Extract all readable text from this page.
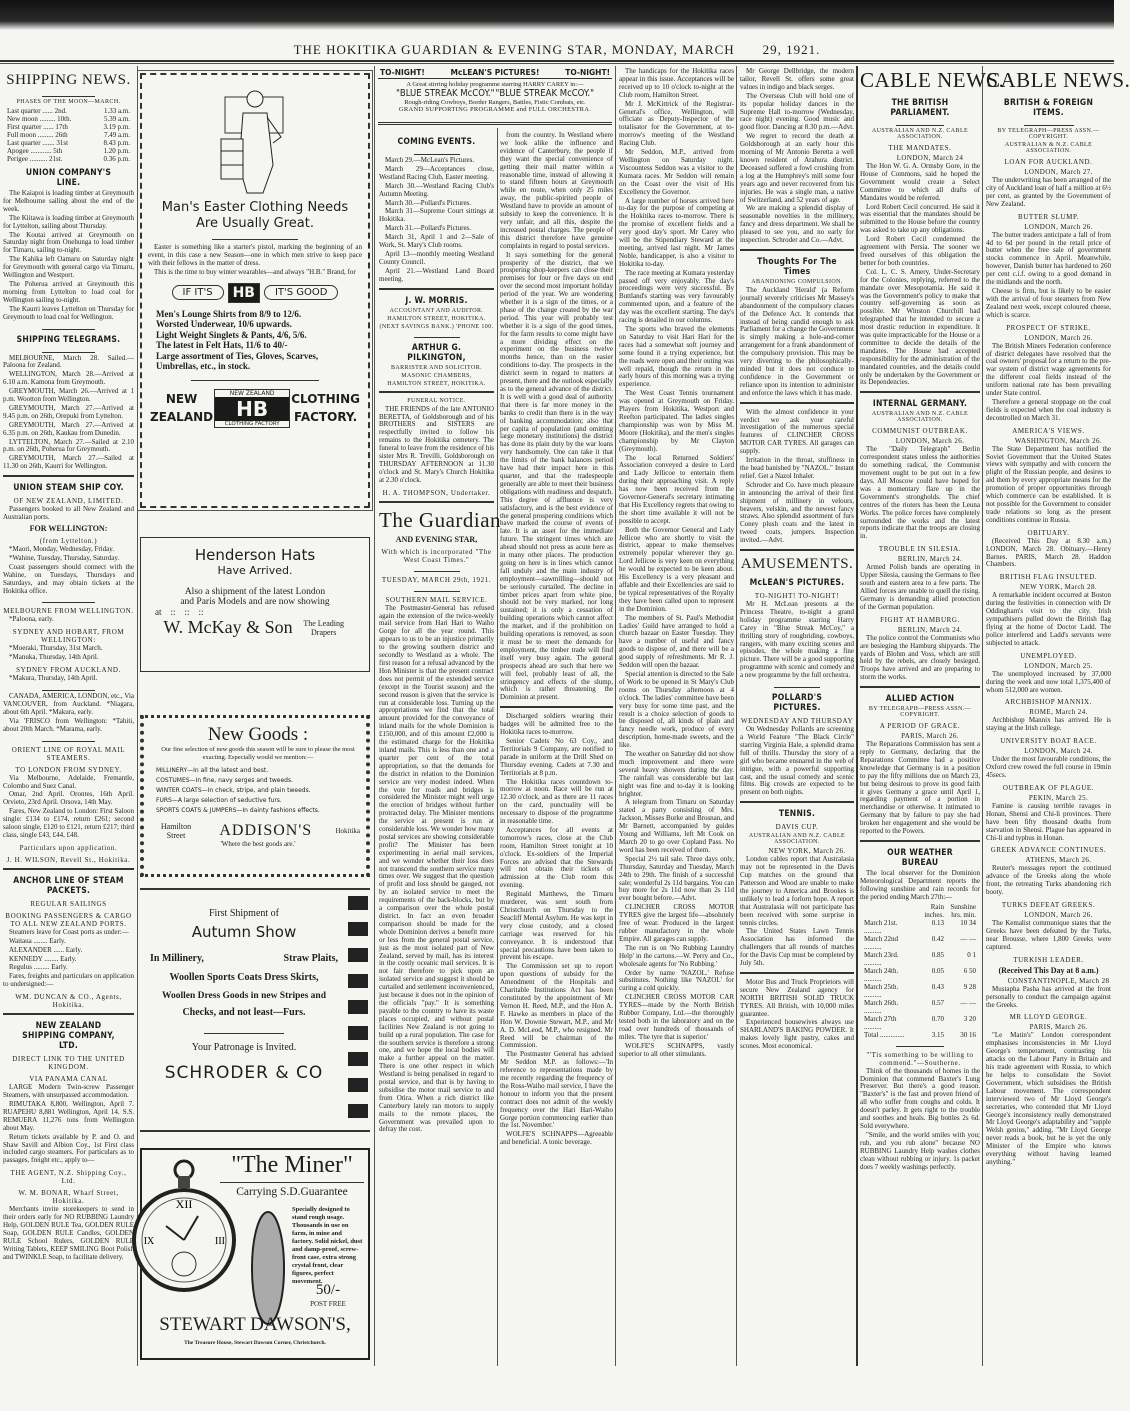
THE HOKITIKA GUARDIAN & EVENING STAR, MONDAY, MARCH 29, 1921.
SHIPPING NEWS.
PHASES OF THE MOON—MARCH.
Last quarter ...... 2nd.	1.33 a.m.
New moon ......... 10th.	5.39 a.m.
First quarter ...... 17th	3.19 p.m.
Full moon ......... 26th	7.49 a.m.
Last quarter ....... 31st	8.43 p.m.
Apogee ............ 5th	1.20 p.m.
Perigee .......... 21st.	0.36 p.m.
UNION COMPANY'S LINE.
The Kaiapoi is loading timber at Greymouth for Melbourne sailing about the end of the week.
The Kiitawa is loading timber at Greymouth for Lyttelton, sailing about Thursday.
The Koutai arrived at Greymouth on Saturday night from Onehunga to load timber for Timaru, sailing to-night.
The Kahika left Oamaru on Saturday night for Greymouth with general cargo via Timaru, Wellington and Westport.
The Poherua arrived at Greymouth this morning from Lyttelton to load coal for Wellington sailing to-night.
The Kaurri leaves Lyttelton on Thursday for Greymouth to load coal for Wellington.
SHIPPING TELEGRAMS.
MELBOURNE, March 28. Sailed.—Paloona for Zealand.
WELLINGTON, March 28.—Arrived at 6.10 a.m. Kamona from Greymouth.
GREYMOUTH, March 26.—Arrived at 1 p.m. Wootton from Wellington.
GREYMOUTH, March 27.—Arrived at 9.45 p.m. on 26th, Orepuki from Lyttelton.
GREYMOUTH, March 27.—Arrived at 6.35 p.m. on 26th, Kaukau from Dunedin.
LYTTELTON, March 27.—Sailed at 2.10 p.m. on 26th, Poherua for Greymouth.
GREYMOUTH, March 27.—Sailed at 11.30 on 26th, Kaurri for Wellington.
UNION STEAM SHIP COY.
OF NEW ZEALAND, LIMITED.
Passengers booked to all New Zealand and Australian ports.
FOR WELLINGTON:
(from Lyttelton.)
*Maori, Monday, Wednesday, Friday.
*Wahine, Tuesday, Thursday, Saturday.
Coast passengers should connect with the Wahine, on Tuesdays, Thursdays and Saturdays, and may obtain tickets at the Hokitika office.
MELBOURNE FROM WELLINGTON.
*Paloona, early.
SYDNEY AND HOBART, FROM WELLINGTON:
*Moeraki, Thursday, 31st March.
*Manuka, Thursday, 14th April.
SYDNEY FROM AUCKLAND.
*Makura, Thursday, 14th April.
CANADA, AMERICA, LONDON, etc., Via VANCOUVER, from Auckland. *Niagara, about 6th April. *Makura, early.
Via 'FRISCO from Wellington: *Tahiti, about 20th March. *Marama, early.
ORIENT LINE OF ROYAL MAIL STEAMERS.
TO LONDON FROM SYDNEY.
Via Melbourne, Adelaide, Fremantle, Colombo and Suez Canal.
Omar, 2nd April. Orontes, 16th April. Orvieto, 23rd April. Orsova, 14th May.
Fares, New Zealand to London: First Saloon single: £134 to £174, return £261; second saloon single, £120 to £121, return £217; third class, single £43, £44, £48.
Particulars upon application.
J. H. WILSON, Revell St., Hokitika.
ANCHOR LINE OF STEAM PACKETS.
REGULAR SAILINGS
BOOKING PASSENGERS & CARGO TO ALL NEW ZEALAND PORTS.
Steamers leave for Coast ports as under:—
Waitaua ........ Early.
ALEXANDER ...... Early.
KENNEDY ........ Early.
Regulus ......... Early.
Fares, freights and particulars on application to undersigned:—
WM. DUNCAN & CO., Agents, Hokitika.
NEW ZEALAND SHIPPING COMPANY, LTD.
DIRECT LINK TO THE UNITED KINGDOM.
VIA PANAMA CANAL
LARGE Modern Twin-screw Passenger Steamers, with unsurpassed accommodation.
RIMUTAKA 8,800, Wellington, April 7. RUAPEHU 8,881 Wellington, April 14. S.S. REMUERA 11,276 tons from Wellington about May.
Return tickets available by P. and O. and Shaw Savill and Albion Coy., 1st First class included cargo steamers. For particulars as to passages, freight etc., apply to—
THE AGENT, N.Z. Shipping Coy., Ltd.
W. M. BONAR, Wharf Street, Hokitika.
Merchants invite storekeepers to send in their orders early for NO RUBBING Laundry Help, GOLDEN RULE Tea, GOLDEN RULE Soap, GOLDEN RULE Candles, GOLDEN RULE School Rulers, GOLDEN RULE Writing Tablets, KEEP SMILING Boot Polish and TWINKLE Soap, to facilitate delivery.
TO-NIGHT!	McLEAN'S PICTURES!	TO-NIGHT!
A Great stirring holiday programme starring HARRY CAREY in:—
"BLUE STREAK McCOY." "BLUE STREAK McCOY."
Rough-riding Cowboys, Border Rangers, Battles, Fistic Combats, etc.
GRAND SUPPORTING PROGRAMME and FULL ORCHESTRA.
COMING EVENTS.
March 29.—McLean's Pictures.
March 29—Acceptances close, Westland Racing Club, Easter meeting.
March 30.—Westland Racing Club's Autumn Meeting.
March 30.—Pollard's Pictures.
March 31—Supreme Court sittings at Hokitika.
March 31.—Pollard's Pictures.
March 31, April 1 and 2—Sale of Work, St. Mary's Club rooms.
April 13—monthly meeting Westland County Council.
April 21.—Westland Land Board meeting.
J. W. MORRIS.
ACCOUNTANT AND AUDITOR.
HAMILTON STREET, HOKITIKA.
(NEXT SAVINGS BANK.) 'PHONE 100.
ARTHUR G. PILKINGTON,
BARRISTER AND SOLICITOR.
MASONIC CHAMBERS,
HAMILTON STREET, HOKITIKA.
FUNERAL NOTICE.
THE FRIENDS of the late ANTONIO BERETTA, of Goldsborough and of his BROTHERS and SISTERS are respectfully invited to follow his remains to the Hokitika cemetery. The funeral to leave from the residence of his sister Mrs R. Trevilli, Goldsborough on THURSDAY AFTERNOON at 11.30 o'clock and St. Mary's Church Hokitika at 2.30 o'clock.
H. A. THOMPSON, Undertaker.
The Guardian
AND EVENING STAR,
With which is incorporated "The West Coast Times."
TUESDAY, MARCH 29th, 1921.
SOUTHERN MAIL SERVICE.
The Postmaster-General has refused again the extension of the twice-weekly mail service from Hari Hari to Waiho Gorge for all the year round. This appears to us to be an injustice primarily to the growing southern district and secondly to Westland as a whole. The first reason for a refusal advanced by the Hon Minister is that the present contract does not permit of the extended service (except in the Tourist season) and the second reason is given that the service is run at considerable loss. Turning up the appropriations we find that the total amount provided for the conveyance of inland mails for the whole Dominion is £150,000, and of this amount £2,000 is the estimated charge for the Hokitika inland mails. This is less than one and a quarter per cent of the total appropriation, so that the demands for the district in relation to the Dominion service are very modest indeed. When the vote for roads and bridges is considered the Minister might well urge the erection of bridges without further protracted delay. The Minister mentions the service at present is run at considerable loss. We wonder how many postal services are showing considerable profit? The Minister has been experimenting in aerial mail services, and we wonder whether their loss does not transcend the southern service many times over. We suggest that the question of profit and loss should be gauged, not by an isolated service to meet the requirements of the back-blocks, but by a comparison over the whole postal district. In fact an even broader comparison should be made for the whole Dominion derives a benefit more or less from the general postal service, just as the most isolated part of New Zealand, served by mail, has its interest in the costly oceanic mail services. It is not fair therefore to pick upon an isolated service and suggest it should be curtailed and settlement inconvenienced, just because it does not in the opinion of the officials "pay." It is something payable to the country to have its waste places occupied, and without postal facilities New Zealand is not going to build up a rural population. The case for the southern service is therefore a strong one, and we hope the local bodies will make a further appeal on the matter. There is one other respect in which Westland is being penalised in regard to postal service, and that is by having to subsidise the motor mail service to and from Otira. When a rich district like Canterbury lately ran motors to supply mails to the remote places, the Government was prevailed upon to defray the cost.
from the country. In Westland where we look alike the influence and evidence of Canterbury, the people if they want the special convenience of getting their mail matter within a reasonable time, instead of allowing it to stand fifteen hours at Greymouth while en route, when only 25 miles away, the public-spirited people of Westland have to provide an amount of subsidy to keep the convenience. It is very unfair, and all this, despite the increased postal charges. The people of this district therefore have genuine complaints in regard to postal services.
It says something for the general prosperity of the district, that we prospering shop-keepers can close their premises for four or five days on end over the second most important holiday period of the year. We are wondering whether it is a sign of the times, or a phase of the change created by the war period. This year will probably test whether it is a sign of the good times, for the farm results to come might have a more dividing effect on the experiment on the business twelve months hence, than on the easier conditions to-day. The prospects in the district seem in regard to matters at present, there and the outlook especially as to the general advance of the district. It is well with a good deal of authority that there is far more money in the banks to credit than there is in the way of banking accommodation; also that per capita of population (and omitting large monetary institutions) the district has done its plain duty by the war loans very handsomely. One can take it that the limits of the bank balances period have had their impact here in this quarter, and that the tradespeople generally are able to meet their business obligations with readiness and despatch. This degree of affluence is very satisfactory, and is the best evidence of the general prospering conditions which have marked the course of events of late. It is an asset for the immediate future. The stringent times which are ahead should not press as acute here as in many other places. The production going on here is in lines which cannot fall unduly and the main industry of employment—sawmilling—should not be seriously curtailed. The decline in timber prices apart from white pine, should not be very marked, nor long sustained; it is only a cessation of building operations which cannot affect the market, and if the prohibition on building operations is removed, as soon it must be to meet the demands for employment, the timber trade will find itself very busy again. The general prospects ahead are such that here we will feel, probably least of all, the stringency and effects of the slump, which is rather threatening the Dominion at present.
Discharged soldiers wearing their badges will be admitted free to the Hokitika races to-morrow.
Senior Cadets No 63 Coy., and Territorials 9 Company, are notified to parade in uniform at the Drill Shed on Thursday evening. Cadets at 7.30 and Territorials at 8 p.m.
The Hokitika races countdown to-morrow at noon. Race will be run at 12.30 o'clock, and as there are 11 races on the card, punctuality will be necessary to dispose of the programme in reasonable time.
Acceptances for all events at tomorrow's races, close at the Club room, Hamilton Street tonight at 10 o'clock. Ex-soldiers of the Imperial Forces are advised that the Stewards will not obtain their tickets of admission at the Club room this evening.
Reginald Matthews, the Timaru murderer, was sent south from Christchurch on Thursday to the Seacliff Mental Asylum. He was kept in very close custody, and a closed carriage was reserved for his conveyance. It is understood that special precautions have been taken to prevent his escape.
The Commission set up to report upon questions of subsidy for the Amendment of the Hospitals and Charitable Institutions Act has been constituted by the appointment of Mr Vernon H. Reed, M.P., and the Hon A. F. Hawke as members in place of the Hon W. Downie Stewart, M.P., and Mr A. D. McLeod, M.P., who resigned. Mr Reed will be chairman of the Commission.
The Postmaster General has advised Mr Seddon M.P. as follows:—'In reference to representations made by me recently regarding the frequency of the Ross-Waiho mail service, I have the honour to inform you that the present contract does not admit of the weekly frequency over the Hari Hari-Waiho Gorge portion commencing earlier than the 1st. November.'
WOLFE'S SCHNAPPS—Agreeable and beneficial. A tonic beverage.
The handicaps for the Hokitika races appear in this issue. Acceptances will be received up to 10 o'clock to-night at the Club room, Hamilton Street.
Mr J. McKittrick of the Registrar-General's office, Wellington, will officiate as Deputy-Inspector of the totalisator for the Government, at to-morrow's meeting of the Westland Racing Club.
Mr Seddon, M.P., arrived from Wellington on Saturday night. Viscountess Seddon was a visitor to the Kumara races. Mr Seddon will remain on the Coast over the visit of His Excellency the Governor.
A large number of horses arrived here to-day for the purpose of competing at the Hokitika races to-morrow. There is the promise of excellent fields and a very good day's sport. Mr Carey who will be the Stipendiary Steward at the meeting, arrived last night. Mr James Noble, handicapper, is also a visitor to Hokitika to-day.
The race meeting at Kumara yesterday passed off very enjoyably. The day's proceedings were very successful. By Buttland's starting was very favourably commented upon, and a feature of the day was the excellent starting. The day's racing is detailed in our columns.
The sports who braved the elements on Saturday to visit Hari Hari for the races had a somewhat soft journey and some found it a trying experience, but the roads were open and their outing was well repaid, though the return in the early hours of this morning was a trying experience.
The West Coast Tennis tournament was opened at Greymouth on Friday. Players from Hokitika, Westport and Reefton participated. The ladies singles championship was won by Miss M. Moore (Hokitika), and the men's singles championship by Mr Clayton (Greymouth).
The local Returned Soldiers' Association conveyed a desire to Lord and Lady Jellicoe to entertain them during their approaching visit. A reply has now been received from the Governor-General's secretary intimating that His Excellency regrets that owing to the short time available it will not be possible to accept.
Both the Governor General and Lady Jellicoe who are shortly to visit the district, appear to make themselves extremely popular wherever they go. Lord Jellicoe is very keen on everything he would be expected to be keen about. His Excellency is a very pleasant and affable and their Excellencies are said to be typical representatives of the Royalty they have been called upon to represent in the Dominion.
The members of St. Paul's Methodist Ladies' Guild have arranged to hold a church bazaar on Easter Tuesday. They have a number of useful and fancy goods to dispose of, and there will be a good supply of refreshments. Mr R. J. Seddon will open the bazaar.
Special attention is directed to the Sale of Work to be opened in St Mary's Club rooms on Thursday afternoon at 4 o'clock. The ladies' committee have been very busy for some time past, and the result is a choice selection of goods to be disposed of, all kinds of plain and fancy needle work, produce of every description, home-made sweets, and the like.
The weather on Saturday did not show much improvement and there were several heavy showers during the day. The rainfall was considerable but last night was fine and to-day it is looking brighter.
A telegram from Timaru on Saturday stated a party consisting of Mrs. Jackson, Misses Burke and Brosnan, and Mr Barnett, accompanied by guides Young and Williams, left Mt Cook on March 20 to go over Copland Pass. No word has been received of them.
Special 2½ tail sale. Three days only, Thursday, Saturday and Tuesday, March 24th to 29th. The finish of a successful sale; wonderful 2s 11d bargains. You can buy more for 2s 11d now than 2s 11d ever bought before.—Advt.
CLINCHER CROSS MOTOR TYRES give the largest life—absolutely free of wear. Produced in the largest rubber manufactory in the whole Empire. All garages can supply.
The run is on 'No Rubbing Laundry Help' in the cartons.—W. Perry and Co., wholesale agents for 'No Rubbing.'
Order by name 'NAZOL.' Refuse substitutes. Nothing like 'NAZOL' for curing a cold quickly.
CLINCHER CROSS MOTOR CAR TYRES—made by the North British Rubber Company, Ltd.—the thoroughly tested both in the laboratory and on the road over hundreds of thousands of miles. 'The tyre that is superior.'
WOLFE'S SCHNAPPS, vastly superior to all other stimulants.
Mr George Dellbridge, the modern tailor, Revell St. offers some great values in indigo and black serges.
The Overseas Club will hold one of its popular holiday dances in the Supreme Hall to-morrow (Wednesday, race night) evening. Good music and good floor. Dancing at 8.30 p.m.—Advt.
We regret to record the death at Goldsborough at an early hour this morning of Mr Antonio Beretta a well known resident of Arahura district. Deceased suffered a fowl crushing from a log at the Humphrey's mill some four years ago and never recovered from his injuries. He was a single man, a native of Switzerland, and 52 years of age.
We are making a splendid display of seasonable novelties in the millinery, fancy and dress department. We shall be pleased to see you, and no early for inspection. Schroder and Co.—Advt.
Thoughts For The Times
ABANDONING COMPULSION.
The Auckland 'Herald' (a Reform journal) severely criticises Mr Massey's abandonment of the compulsory clauses of the Defence Act. It contends that instead of being candid enough to ask Parliament for a change the Government is simply making a hole-and-corner arrangement for a frank abandonment of the compulsory provision. This may be very diverting to the philosophically-minded but it does not conduce to confidence in the Government or reliance upon its intention to administer and enforce the laws which it has made.
With the almost confidence in your verdict we ask your careful investigation of the numerous special features of CLINCHER CROSS MOTOR CAR TYRES. All garages can supply.
Irritation in the throat, stuffiness in the head banished by "NAZOL." Instant relief. Get a Nazol Inhaler.
Schroder and Co. have much pleasure in announcing the arrival of their first shipment of millinery in velours, beavers, velskin, and the newest fancy straws. Also splendid assortment of furs Coney plush coats and the latest in tweed coats, jumpers. Inspection invited.—Advt.
AMUSEMENTS.
McLEAN'S PICTURES.
TO-NIGHT! TO-NIGHT!
Mr H. McLean presents at the Princess Theatre, to-night a grand holiday programme starring Harry Carey in "Blue Streak McCoy," a thrilling story of roughriding, cowboys, rangers, with many exciting scenes and episodes, the whole making a fine picture. There will be a good supporting programme with scenic and comedy and a new programme by the full orchestra.
POLLARD'S PICTURES.
WEDNESDAY AND THURSDAY
On Wednesday Pollards are screening a World Feature "The Black Circle" starring Virginia Hale, a splendid drama full of thrills. Thursday the story of a girl who became ensnared in the web of intrigue, with a powerful supporting cast, and the usual comedy and scenic films. Big crowds are expected to be present on both nights.
TENNIS.
DAVIS CUP.
AUSTRALIAN AND N.Z. CABLE ASSOCIATION.
NEW YORK, March 26.
London cables report that Australasia may not be represented in the Davis Cup matches on the ground that Patterson and Wood are unable to make the journey to America and Brookes is unlikely to lead a forlorn hope. A report that Australasia will not participate has been received with some surprise in tennis circles.
The United States Lawn Tennis Association has informed the challengers that all rounds of matches for the Davis Cup must be completed by July 5th.
Motor Bus and Truck Proprietors will secure New Zealand agency for NORTH BRITISH SOLID TRUCK TYRES. All British, with 10,000 miles guarantee.
Experienced housewives always use SHARLAND'S BAKING POWDER. It makes lovely light pastry, cakes and scones. Most economical.
CABLE NEWS.
THE BRITISH PARLIAMENT.
AUSTRALIAN AND N.Z. CABLE ASSOCIATION.
THE MANDATES.
LONDON, March 24
The Hon W. G. A. Ormsby Gore, in the House of Commons, said he hoped the Government would create a Select Committee to which all drafts of Mandates would be referred.
Lord Robert Cecil concurred. He said it was essential that the mandates should be submitted to the House before the country was asked to take up any obligations.
Lord Robert Cecil condemned the agreement with Persia. The sooner we freed ourselves of this obligation the better for both countries.
Col. L. C. S. Amery, Under-Secretary for the Colonies, replying, referred to the mandate over Mesopotamia. He said it was the Government's policy to make that country self-governing as soon as possible. Mr Winston Churchill had telegraphed that he intended to secure a most drastic reduction in expenditure. It was quite impracticable for the House or a committee to decide the details of the mandates. The House had accepted responsibility for the administration of the mandated countries, and the details could only be undertaken by the Government or its Dependencies.
INTERNAL GERMANY.
AUSTRALIAN AND N.Z. CABLE ASSOCIATION.
COMMUNIST OUTBREAK.
LONDON, March 26.
The "Daily Telegraph" Berlin correspondent states unless the authorities do something radical, the Communist movement ought to be put out in a few days. All Moscow could have hoped for was a momentary flare up in the Government's strongholds. The chief centres of the rioters has been the Leuna Works. The police forces have completely surrounded the works and the latest reports indicate that the troops are closing in.
TROUBLE IN SILESIA.
BERLIN, March 24.
Armed Polish bands are operating in Upper Silesia, causing the Germans to flee south and eastern area to a few parts. The Allied forces are unable to quell the rising. Germany is demanding allied protection of the German population.
FIGHT AT HAMBURG.
BERLIN, March 24.
The police control the Communists who are besieging the Hamburg shipyards. The yards of Blohm and Voss, which are still held by the rebels, are closely besieged. Troops have arrived and are preparing to storm the works.
ALLIED ACTION
BY TELEGRAPH—PRESS ASSN.—COPYRIGHT.
A PERIOD OF GRACE.
PARIS, March 26.
The Reparations Commission has sent a reply to Germany, declaring that the Reparations Committee had a positive knowledge that Germany is in a position to pay the fifty millions due on March 23, but being desirous to prove its good faith it gives Germany a grace until April 1, regarding payment of a portion in merchandise or otherwise. It intimated to Germany that by failure to pay she had broken her engagement and she would be reported to the Powers.
OUR WEATHER BUREAU
The local observer for the Dominion Meteorological Department reports the following sunshine and rain records for the period ending March 27th:—
Rain inches.
Sunshine hrs. min.
March 21st. ..........
0.13	10 34
March 22nd ..........
0.42	— —
March 23rd. ..........
0.85	0 1
March 24th. ..........
0.05	6 50
March 25th. ..........
0.43	9 28
March 26th. ..........
0.57	— —
March 27th ..........
0.70	3 20
Total ..............	3.15	30 16
"'Tis something to be willing to commend."—Southerne.
Think of the thousands of homes in the Dominion that commend Baxter's Lung Preserver. But there's a good reason. "Baxter's" is the fast and proven friend of all who suffer from coughs and colds. It doesn't parley. It gets right to the trouble and soothes and heals. Big bottles 2s 6d. Sold everywhere.
"Smile, and the world smiles with you; rub, and you rub alone" because NO RUBBING Laundry Help washes clothes clean without rubbing or injury. 1s packet does 7 weekly washings perfectly.
CABLE NEWS.
BRITISH & FOREIGN ITEMS.
BY TELEGRAPH—PRESS ASSN.—COPYRIGHT.
AUSTRALIAN & N.Z. CABLE ASSOCIATION.
LOAN FOR AUCKLAND.
LONDON, March 27.
The underwriting has been arranged of the city of Auckland loan of half a million at 6½ per cent, as granted by the Government of New Zealand.
BUTTER SLUMP.
LONDON, March 26.
The butter traders anticipate a fall of from 4d to 6d per pound in the retail price of butter when the free sale of government stocks commence in April. Meanwhile, however, Danish butter has hardened to 260 per cent c.i.f. owing to a good demand in the midlands and the north.
Cheese is firm, but is likely to be easier with the arrival of four steamers from New Zealand next week, except coloured cheese, which is scarce.
PROSPECT OF STRIKE.
LONDON, March 26.
The British Miners Federation conference of district delegates have resolved that the coal owners' proposal for a return to the pre-war system of district wage agreements for the different coal fields instead of the uniform national rate has been prevailing under State control.
Therefore a general stoppage on the coal fields is expected when the coal industry is decontrolled on March 31.
AMERICA'S VIEWS.
WASHINGTON, March 26.
The State Department has notified the Soviet Government that the United States views with sympathy and with concern the plight of the Russian people, and desires to aid them by every appropriate means for the promotion of proper opportunities through which commerce can be established. It is not possible for the Government to consider trade relations so long as the present conditions continue in Russia.
OBITUARY.
(Received This Day at 8.30 a.m.) LONDON, March 28. Obituary.—Henry Barnes. PARIS, March 28. Haddon Chambers.
BRITISH FLAG INSULTED.
NEW YORK, March 28.
A remarkable incident occurred at Boston during the festivities in connection with Dr Oddingham's visit to the city. Irish sympathisers pulled down the British flag flying at the home of Doctor Ladd. The police interfered and Ladd's servants were subjected to attack.
UNEMPLOYED.
LONDON, March 25.
The unemployed increased by 37,000 during the week and now total 1,375,400 of whom 512,000 are women.
ARCHBISHOP MANNIX.
ROME, March 24.
Archbishop Mannix has arrived. He is staying at the Irish college.
UNIVERSITY BOAT RACE.
LONDON, March 24.
Under the most favourable conditions, the Oxford crew rowed the full course in 19min 45secs.
OUTBREAK OF PLAGUE.
PEKIN, March 25.
Famine is causing terrible ravages in Honan, Shensi and Chi-li provinces. There have been fifty thousand deaths from starvation in Shensi. Plague has appeared in Chi-li and typhus in Honan.
GREEK ADVANCE CONTINUES.
ATHENS, March 26.
Reuter's messages report the continued advance of the Greeks along the whole front, the retreating Turks abandoning rich booty.
TURKS DEFEAT GREEKS.
LONDON, March 26.
The Kemalist communique states that the Greeks have been defeated by the Turks, near Brousse, where 1,800 Greeks were captured.
TURKISH LEADER.
(Received This Day at 8 a.m.)
CONSTANTINOPLE, March 28
Mustapha Pasha has arrived at the front personally to conduct the campaign against the Greeks.
MR LLOYD GEORGE.
PARIS, March 26.
"Le Matin's" London correspondent emphasises inconsistencies in Mr Lloyd George's temperament, contrasting his attacks on the Labour Party in Britain and his trade agreement with Russia, to which he helps to consolidate the Soviet Government, which subsidises the British Labour movement. The correspondent interviewed two of Mr Lloyd George's secretaries, who contended that Mr Lloyd George's inconsistency really demonstrated Mr Lloyd George's adaptability and "supple Welsh genius," adding, "Mr Lloyd George never reads a book, but he is yet the only Minister of the Empire who knows everything without having learned anything."
Man's Easter Clothing Needs
Are Usually Great.
Easter is something like a starter's pistol, marking the beginning of an event, in this case a new Season—one in which men strive to keep pace with their fellows in the matter of dress.
This is the time to buy winter wearables—and always "H.B." Brand, for
IF IT'S	HB	IT'S GOOD
Men's Lounge Shirts from 8/9 to 12/6.
Worsted Underwear, 10/6 upwards.
Light Weight Singlets & Pants, 4/6, 5/6.
The latest in Felt Hats, 11/6 to 40/-
Large assortment of Ties, Gloves, Scarves,
Umbrellas, etc., in stock.
NEW
ZEALAND
NEW ZEALAND
HB
CLOTHING FACTORY
CLOTHING
FACTORY.
Henderson Hats
Have Arrived.
Also a shipment of the latest London
and Paris Models and are now showing
at    ::    ::    ::
W. McKay & Son	The Leading Drapers
New Goods :
Our fine selection of new goods this season will be sure to please the most exacting. Especially would we mention:—
MILLINERY—In all the latest and best.
COSTUMES—In fine, navy serges and tweeds.
WINTER COATS—In check, stripe, and plain tweeds.
FURS—A large selection of seductive furs.
SPORTS COATS & JUMPERS—In dainty fashions effects.
Hamilton Street	ADDISON'S	Hokitika
'Where the best goods are.'
First Shipment of
Autumn Show
In Millinery,	Straw Plaits,
Woollen Sports Coats Dress Skirts,
Woollen Dress Goods in new Stripes and
Checks, and not least—Furs.
Your Patronage is Invited.
SCHRODER & CO
XII
III
IX
"The Miner"
Carrying S.D.Guarantee
Specially designed to stand rough usage. Thousands in use on farm, in mine and factory. Solid nickel, dust and damp-proof, screw-front case, extra strong crystal front, clear figures, perfect movement.
50/-
POST FREE
STEWART DAWSON'S,
The Treasure House, Stewart Dawson Corner, Christchurch.
